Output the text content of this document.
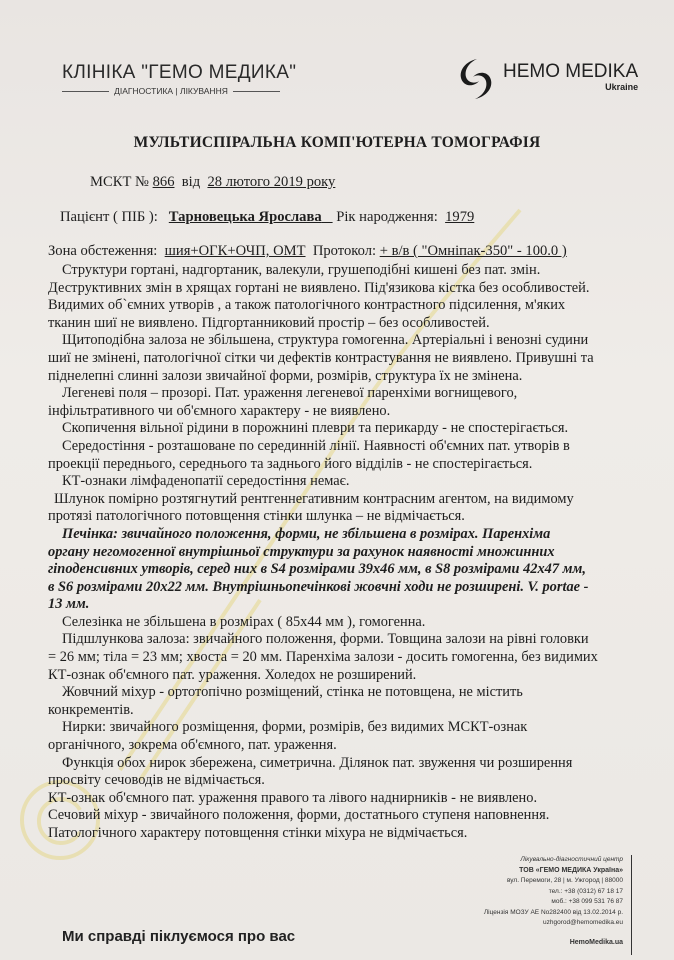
КЛІНІКА "ГЕМО МЕДИКА"
ДІАГНОСТИКА | ЛІКУВАННЯ
HEMO MEDIKA
Ukraine
МУЛЬТИСПІРАЛЬНА КОМП'ЮТЕРНА ТОМОГРАФІЯ
МСКТ № 866 від 28 лютого 2019 року
Пацієнт ( ПІБ ): Тарновецька Ярослава Рік народження: 1979
Зона обстеження: шия+ОГК+ОЧП, ОМТ Протокол: + в/в ( "Омніпак-350" - 100.0 )

Структури гортані, надгортаник, валекули, грушеподібні кишені без пат. змін.

Деструктивних змін в хрящах гортані не виявлено. Під'язикова кістка без особливостей.

Видимих об`ємних утворів , а також патологічного контрастного підсилення, м'яких

тканин шиї не виявлено. Підгортанниковий простір – без особливостей.

Щитоподібна залоза не збільшена, структура гомогенна. Артеріальні і венозні судини

шиї не змінені, патологічної сітки чи дефектів контрастування не виявлено. Привушні та

піднелепні слинні залози звичайної форми, розмірів, структура їх не змінена.

Легеневі поля – прозорі. Пат. ураження легеневої паренхіми вогнищевого,

інфільтративного чи об'ємного характеру - не виявлено.

Скопичення вільної рідини в порожнині плеври та перикарду - не спостерігається.

Середостіння - розташоване по серединній лінії. Наявності об'ємних пат. утворів в

проекції переднього, середнього та заднього його відділів - не спостерігається.

КТ-ознаки лімфаденопатії середостіння немає.

Шлунок помірно розтягнутий рентгеннегативним контрасним агентом, на видимому

протязі патологічного потовщення стінки шлунка – не відмічається.

Печінка: звичайного положення, форми, не збільшена в розмірах. Паренхіма

органу негомогенної внутрішньої структури за рахунок наявності множинних

гіподенсивних утворів, серед них в S4 розмірами 39х46 мм, в S8 розмірами 42х47 мм,

в S6 розмірами 20х22 мм. Внутрішньопечінкові жовчні ходи не розширені. V. portae -

13 мм.

Селезінка не збільшена в розмірах ( 85х44 мм ), гомогенна.

Підшлункова залоза: звичайного положення, форми. Товщина залози на рівні головки

= 26 мм; тіла = 23 мм; хвоста = 20 мм. Паренхіма залози - досить гомогенна, без видимих

КТ-ознак об'ємного пат. ураження. Холедох не розширений.

Жовчний міхур - ортотопічно розміщений, стінка не потовщена, не містить

конкрементів.

Нирки: звичайного розміщення, форми, розмірів, без видимих МСКТ-ознак

органічного, зокрема об'ємного, пат. ураження.

Функція обох нирок збережена, симетрична. Ділянок пат. звуження чи розширення

просвіту сечоводів не відмічається.

КТ-ознак об'ємного пат. ураження правого та лівого наднирників - не виявлено.

Сечовий міхур - звичайного положення, форми, достатнього ступеня наповнення.

Патологічного характеру потовщення стінки міхура не відмічається.

Лікувально-діагностичний центр
ТОВ «ГЕМО МЕДИКА Україна»
вул. Перемоги, 28 | м. Ужгород | 88000
тел.: +38 (0312) 67 18 17
моб.: +38 099 531 76 87
Ліцензія МОЗУ АЕ No282400 від 13.02.2014 р.
uzhgorod@hemomedika.eu
HemoMedika.ua
Ми справді піклуємося про вас
